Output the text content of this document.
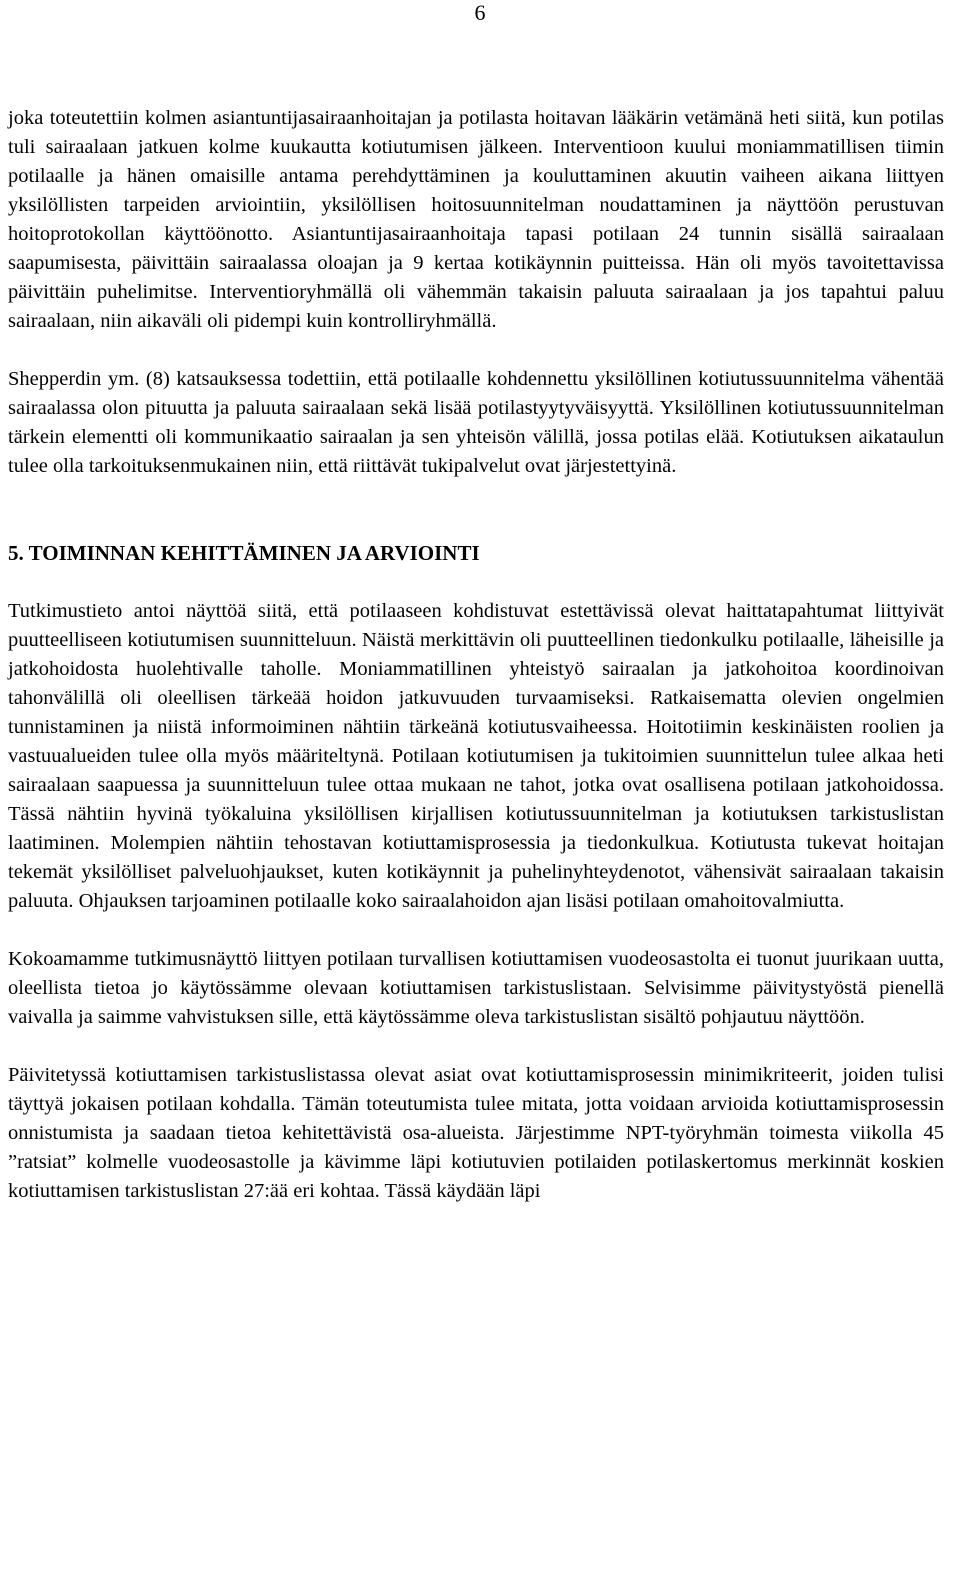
6

joka toteutettiin kolmen asiantuntijasairaanhoitajan ja potilasta hoitavan lääkärin vetämänä heti siitä, kun potilas tuli sairaalaan jatkuen kolme kuukautta kotiutumisen jälkeen. Interventioon kuului moniammatillisen tiimin potilaalle ja hänen omaisille antama perehdyttäminen ja kouluttaminen akuutin vaiheen aikana liittyen yksilöllisten tarpeiden arviointiin, yksilöllisen hoitosuunnitelman noudattaminen ja näyttöön perustuvan hoitoprotokollan käyttöönotto. Asiantuntijasairaanhoitaja tapasi potilaan 24 tunnin sisällä sairaalaan saapumisesta, päivittäin sairaalassa oloajan ja 9 kertaa kotikäynnin puitteissa. Hän oli myös tavoitettavissa päivittäin puhelimitse. Interventioryhmällä oli vähemmän takaisin paluuta sairaalaan ja jos tapahtui paluu sairaalaan, niin aikaväli oli pidempi kuin kontrolliryhmällä.

Shepperdin ym. (8) katsauksessa todettiin, että potilaalle kohdennettu yksilöllinen kotiutussuunnitelma vähentää sairaalassa olon pituutta ja paluuta sairaalaan sekä lisää potilastyytyväisyyttä. Yksilöllinen kotiutussuunnitelman tärkein elementti oli kommunikaatio sairaalan ja sen yhteisön välillä, jossa potilas elää. Kotiutuksen aikataulun tulee olla tarkoituksenmukainen niin, että riittävät tukipalvelut ovat järjestettyinä.

5. TOIMINNAN KEHITTÄMINEN JA ARVIOINTI

Tutkimustieto antoi näyttöä siitä, että potilaaseen kohdistuvat estettävissä olevat haittatapahtumat liittyivät puutteelliseen kotiutumisen suunnitteluun. Näistä merkittävin oli puutteellinen tiedonkulku potilaalle, läheisille ja jatkohoidosta huolehtivalle taholle. Moniammatillinen yhteistyö sairaalan ja jatkohoitoa koordinoivan tahonvälillä oli oleellisen tärkeää hoidon jatkuvuuden turvaamiseksi. Ratkaisematta olevien ongelmien tunnistaminen ja niistä informoiminen nähtiin tärkeänä kotiutusvaiheessa. Hoitotiimin keskinäisten roolien ja vastuualueiden tulee olla myös määriteltynä. Potilaan kotiutumisen ja tukitoimien suunnittelun tulee alkaa heti sairaalaan saapuessa ja suunnitteluun tulee ottaa mukaan ne tahot, jotka ovat osallisena potilaan jatkohoidossa. Tässä nähtiin hyvinä työkaluina yksilöllisen kirjallisen kotiutussuunnitelman ja kotiutuksen tarkistuslistan laatiminen. Molempien nähtiin tehostavan kotiuttamisprosessia ja tiedonkulkua. Kotiutusta tukevat hoitajan tekemät yksilölliset palveluohjaukset, kuten kotikäynnit ja puhelinyhteydenotot, vähensivät sairaalaan takaisin paluuta. Ohjauksen tarjoaminen potilaalle koko sairaalahoidon ajan lisäsi potilaan omahoitovalmiutta.

Kokoamamme tutkimusnäyttö liittyen potilaan turvallisen kotiuttamisen vuodeosastolta ei tuonut juurikaan uutta, oleellista tietoa jo käytössämme olevaan kotiuttamisen tarkistuslistaan. Selvisimme päivitystyöstä pienellä vaivalla ja saimme vahvistuksen sille, että käytössämme oleva tarkistuslistan sisältö pohjautuu näyttöön.

Päivitetyssä kotiuttamisen tarkistuslistassa olevat asiat ovat kotiuttamisprosessin minimikriteerit, joiden tulisi täyttyä jokaisen potilaan kohdalla. Tämän toteutumista tulee mitata, jotta voidaan arvioida kotiuttamisprosessin onnistumista ja saadaan tietoa kehitettävistä osa-alueista. Järjestimme NPT-työryhmän toimesta viikolla 45 ”ratsiat” kolmelle vuodeosastolle ja kävimme läpi kotiutuvien potilaiden potilaskertomus merkinnät koskien kotiuttamisen tarkistuslistan 27:ää eri kohtaa. Tässä käydään läpi
